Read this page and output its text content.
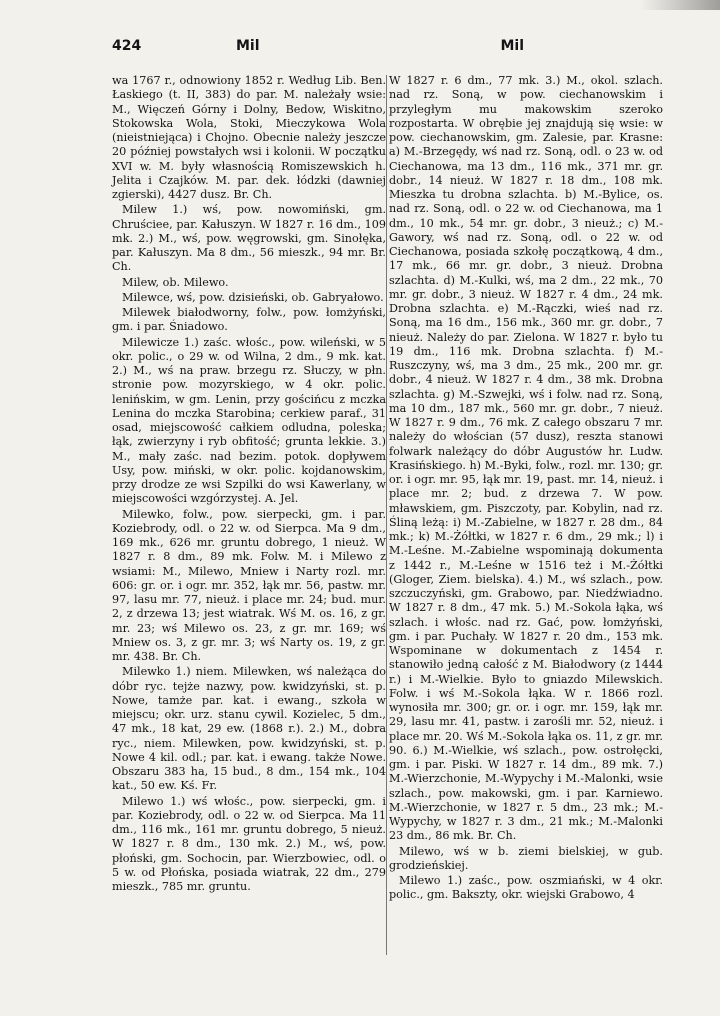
424	Mil	Mil

wa 1767 r., odnowiony 1852 r. Według Lib. Ben. Łaskiego (t. II, 383) do par. M. należały wsie: M., Więczeń Górny i Dolny, Bedow, Wiskitno, Stokowska Wola, Stoki, Mieczykowa Wola (nieistniejąca) i Chojno. Obecnie należy jeszcze 20 później powstałych wsi i kolonii. W początku XVI w. M. były własnością Romiszewskich h. Jelita i Czajków. M. par. dek. łódzki (dawniej zgierski), 4427 dusz. Br. Ch.

Milew 1.) wś, pow. nowomiński, gm. Chruściee, par. Kałuszyn. W 1827 r. 16 dm., 109 mk. 2.) M., wś, pow. węgrowski, gm. Sinołęka, par. Kałuszyn. Ma 8 dm., 56 mieszk., 94 mr. Br. Ch.

Milew, ob. Milewo.

Milewce, wś, pow. dzisieński, ob. Gabryałowo.

Milewek białodworny, folw., pow. łomżyński, gm. i par. Śniadowo.

Milewicze 1.) zaśc. włośc., pow. wileński, w 5 okr. polic., o 29 w. od Wilna, 2 dm., 9 mk. kat. 2.) M., wś na praw. brzegu rz. Słuczy, w płn. stronie pow. mozyrskiego, w 4 okr. polic. lenińskim, w gm. Lenin, przy gościńcu z mczka Lenina do mczka Starobina; cerkiew paraf., 31 osad, miejscowość całkiem odludna, poleska; łąk, zwierzyny i ryb obfitość; grunta lekkie. 3.) M., mały zaśc. nad bezim. potok. dopływem Usy, pow. miński, w okr. polic. kojdanowskim, przy drodze ze wsi Szpilki do wsi Kawerlany, w miejscowości wzgórzystej. A. Jel.

Milewko, folw., pow. sierpecki, gm. i par. Koziebrody, odl. o 22 w. od Sierpca. Ma 9 dm., 169 mk., 626 mr. gruntu dobrego, 1 nieuż. W 1827 r. 8 dm., 89 mk. Folw. M. i Milewo z wsiami: M., Milewo, Mniew i Narty rozl. mr. 606: gr. or. i ogr. mr. 352, łąk mr. 56, pastw. mr. 97, lasu mr. 77, nieuż. i place mr. 24; bud. mur. 2, z drzewa 13; jest wiatrak. Wś M. os. 16, z gr. mr. 23; wś Milewo os. 23, z gr. mr. 169; wś Mniew os. 3, z gr. mr. 3; wś Narty os. 19, z gr. mr. 438. Br. Ch.

Milewko 1.) niem. Milewken, wś należąca do dóbr ryc. tejże nazwy, pow. kwidzyński, st. p. Nowe, tamże par. kat. i ewang., szkoła w miejscu; okr. urz. stanu cywil. Kozielec, 5 dm., 47 mk., 18 kat, 29 ew. (1868 r.). 2.) M., dobra ryc., niem. Milewken, pow. kwidzyński, st. p. Nowe 4 kil. odl.; par. kat. i ewang. także Nowe. Obszaru 383 ha, 15 bud., 8 dm., 154 mk., 104 kat., 50 ew. Kś. Fr.

Milewo 1.) wś włośc., pow. sierpecki, gm. i par. Koziebrody, odl. o 22 w. od Sierpca. Ma 11 dm., 116 mk., 161 mr. gruntu dobrego, 5 nieuż. W 1827 r. 8 dm., 130 mk. 2.) M., wś, pow. płoński, gm. Sochocin, par. Wierzbowiec, odl. o 5 w. od Płońska, posiada wiatrak, 22 dm., 279 mieszk., 785 mr. gruntu.

W 1827 r. 6 dm., 77 mk. 3.) M., okol. szlach. nad rz. Soną, w pow. ciechanowskim i przyległym mu makowskim szeroko rozpostarta. W obrębie jej znajdują się wsie: w pow. ciechanowskim, gm. Zalesie, par. Krasne: a) M.-Brzegędy, wś nad rz. Soną, odl. o 23 w. od Ciechanowa, ma 13 dm., 116 mk., 371 mr. gr. dobr., 14 nieuż. W 1827 r. 18 dm., 108 mk. Mieszka tu drobna szlachta. b) M.-Bylice, os. nad rz. Soną, odl. o 22 w. od Ciechanowa, ma 1 dm., 10 mk., 54 mr. gr. dobr., 3 nieuż.; c) M.-Gawory, wś nad rz. Soną, odl. o 22 w. od Ciechanowa, posiada szkołę początkową, 4 dm., 17 mk., 66 mr. gr. dobr., 3 nieuż. Drobna szlachta. d) M.-Kulki, wś, ma 2 dm., 22 mk., 70 mr. gr. dobr., 3 nieuż. W 1827 r. 4 dm., 24 mk. Drobna szlachta. e) M.-Rączki, wieś nad rz. Soną, ma 16 dm., 156 mk., 360 mr. gr. dobr., 7 nieuż. Należy do par. Zielona. W 1827 r. było tu 19 dm., 116 mk. Drobna szlachta. f) M.-Ruszczyny, wś, ma 3 dm., 25 mk., 200 mr. gr. dobr., 4 nieuż. W 1827 r. 4 dm., 38 mk. Drobna szlachta. g) M.-Szwejki, wś i folw. nad rz. Soną, ma 10 dm., 187 mk., 560 mr. gr. dobr., 7 nieuż. W 1827 r. 9 dm., 76 mk. Z całego obszaru 7 mr. należy do włościan (57 dusz), reszta stanowi folwark należący do dóbr Augustów hr. Ludw. Krasińskiego. h) M.-Byki, folw., rozl. mr. 130; gr. or. i ogr. mr. 95, łąk mr. 19, past. mr. 14, nieuż. i place mr. 2; bud. z drzewa 7. W pow. mławskiem, gm. Piszczoty, par. Kobylin, nad rz. Śliną leżą: i) M.-Zabielne, w 1827 r. 28 dm., 84 mk.; k) M.-Żółtki, w 1827 r. 6 dm., 29 mk.; l) i M.-Leśne. M.-Zabielne wspominają dokumenta z 1442 r., M.-Leśne w 1516 też i M.-Żółtki (Gloger, Ziem. bielska). 4.) M., wś szlach., pow. szczuczyński, gm. Grabowo, par. Niedźwiadno. W 1827 r. 8 dm., 47 mk. 5.) M.-Sokola łąka, wś szlach. i włośc. nad rz. Gać, pow. łomżyński, gm. i par. Puchały. W 1827 r. 20 dm., 153 mk. Wspominane w dokumentach z 1454 r. stanowiło jedną całość z M. Białodwory (z 1444 r.) i M.-Wielkie. Było to gniazdo Milewskich. Folw. i wś M.-Sokola łąka. W r. 1866 rozl. wynosiła mr. 300; gr. or. i ogr. mr. 159, łąk mr. 29, lasu mr. 41, pastw. i zarośli mr. 52, nieuż. i place mr. 20. Wś M.-Sokola łąka os. 11, z gr. mr. 90. 6.) M.-Wielkie, wś szlach., pow. ostrołęcki, gm. i par. Piski. W 1827 r. 14 dm., 89 mk. 7.) M.-Wierzchonie, M.-Wypychy i M.-Malonki, wsie szlach., pow. makowski, gm. i par. Karniewo. M.-Wierzchonie, w 1827 r. 5 dm., 23 mk.; M.-Wypychy, w 1827 r. 3 dm., 21 mk.; M.-Malonki 23 dm., 86 mk. Br. Ch.

Milewo, wś w b. ziemi bielskiej, w gub. grodzieńskiej.

Milewo 1.) zaśc., pow. oszmiański, w 4 okr. polic., gm. Bakszty, okr. wiejski Grabowo, 4
